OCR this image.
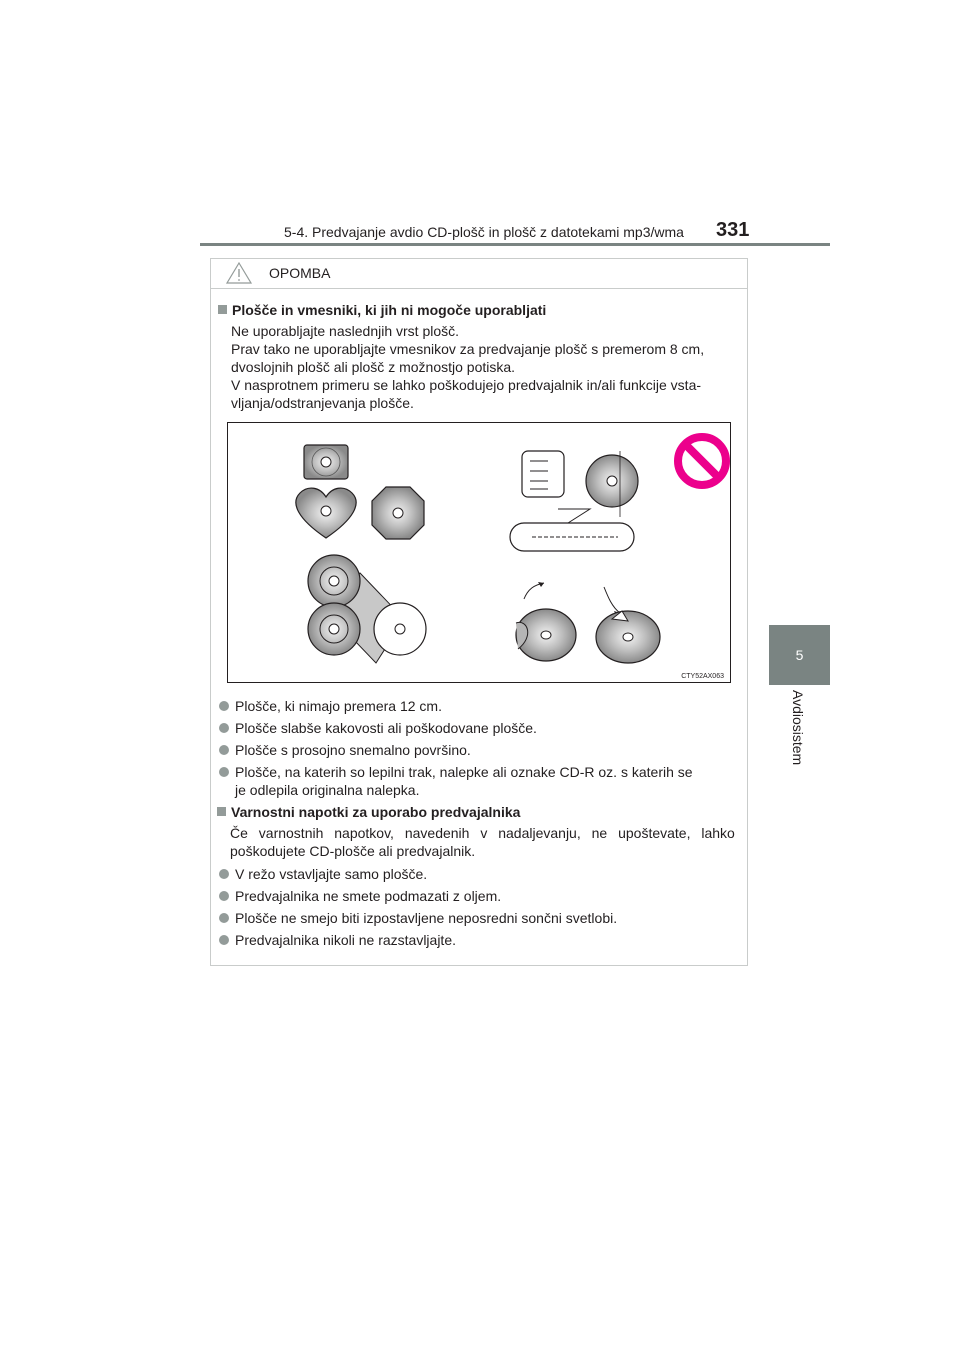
5-4. Predvajanje avdio CD-plošč in plošč z datotekami mp3/wma	331
5
Avdiosistem
OPOMBA
Plošče in vmesniki, ki jih ni mogoče uporabljati
Ne uporabljajte naslednjih vrst plošč.
Prav tako ne uporabljajte vmesnikov za predvajanje plošč s premerom 8 cm,
dvoslojnih plošč ali plošč z možnostjo potiska.
V nasprotnem primeru se lahko poškodujejo predvajalnik in/ali funkcije vsta-
vljanja/odstranjevanja plošče.
CTY52AX063
Plošče, ki nimajo premera 12 cm.
Plošče slabše kakovosti ali poškodovane plošče.
Plošče s prosojno snemalno površino.
Plošče, na katerih so lepilni trak, nalepke ali oznake CD-R oz. s katerih se
je odlepila originalna nalepka.
Varnostni napotki za uporabo predvajalnika
Če varnostnih napotkov, navedenih v nadaljevanju, ne upoštevate, lahko
poškodujete CD-plošče ali predvajalnik.
V režo vstavljajte samo plošče.
Predvajalnika ne smete podmazati z oljem.
Plošče ne smejo biti izpostavljene neposredni sončni svetlobi.
Predvajalnika nikoli ne razstavljajte.
